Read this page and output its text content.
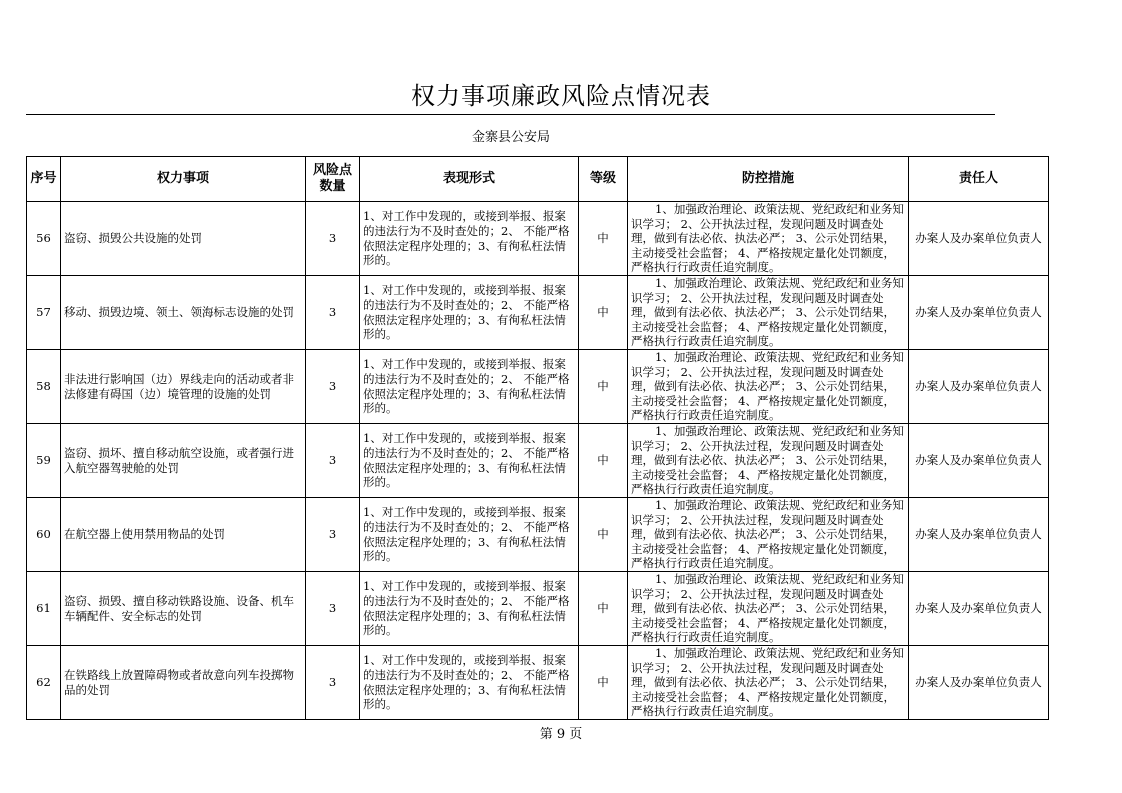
权力事项廉政风险点情况表
金寨县公安局
序号	权力事项	风险点数量	表现形式	等级	防控措施	责任人
56	盗窃、损毁公共设施的处罚	3	1、对工作中发现的，或接到举报、报案的违法行为不及时查处的；2、 不能严格依照法定程序处理的；3、有徇私枉法情形的。	中	1、加强政治理论、政策法规、党纪政纪和业务知识学习； 2、公开执法过程，发现问题及时调查处理，做到有法必依、执法必严； 3、公示处罚结果，主动接受社会监督； 4、严格按规定量化处罚额度，严格执行行政责任追究制度。	办案人及办案单位负责人
57	移动、损毁边境、领土、领海标志设施的处罚	3	1、对工作中发现的，或接到举报、报案的违法行为不及时查处的；2、 不能严格依照法定程序处理的；3、有徇私枉法情形的。	中	1、加强政治理论、政策法规、党纪政纪和业务知识学习； 2、公开执法过程，发现问题及时调查处理，做到有法必依、执法必严； 3、公示处罚结果，主动接受社会监督； 4、严格按规定量化处罚额度，严格执行行政责任追究制度。	办案人及办案单位负责人
58	非法进行影响国（边）界线走向的活动或者非法修建有碍国（边）境管理的设施的处罚	3	1、对工作中发现的，或接到举报、报案的违法行为不及时查处的；2、 不能严格依照法定程序处理的；3、有徇私枉法情形的。	中	1、加强政治理论、政策法规、党纪政纪和业务知识学习； 2、公开执法过程，发现问题及时调查处理，做到有法必依、执法必严； 3、公示处罚结果，主动接受社会监督； 4、严格按规定量化处罚额度，严格执行行政责任追究制度。	办案人及办案单位负责人
59	盗窃、损坏、擅自移动航空设施，或者强行进入航空器驾驶舱的处罚	3	1、对工作中发现的，或接到举报、报案的违法行为不及时查处的；2、 不能严格依照法定程序处理的；3、有徇私枉法情形的。	中	1、加强政治理论、政策法规、党纪政纪和业务知识学习； 2、公开执法过程，发现问题及时调查处理，做到有法必依、执法必严； 3、公示处罚结果，主动接受社会监督； 4、严格按规定量化处罚额度，严格执行行政责任追究制度。	办案人及办案单位负责人
60	在航空器上使用禁用物品的处罚	3	1、对工作中发现的，或接到举报、报案的违法行为不及时查处的；2、 不能严格依照法定程序处理的；3、有徇私枉法情形的。	中	1、加强政治理论、政策法规、党纪政纪和业务知识学习； 2、公开执法过程，发现问题及时调查处理，做到有法必依、执法必严； 3、公示处罚结果，主动接受社会监督； 4、严格按规定量化处罚额度，严格执行行政责任追究制度。	办案人及办案单位负责人
61	盗窃、损毁、擅自移动铁路设施、设备、机车车辆配件、安全标志的处罚	3	1、对工作中发现的，或接到举报、报案的违法行为不及时查处的；2、 不能严格依照法定程序处理的；3、有徇私枉法情形的。	中	1、加强政治理论、政策法规、党纪政纪和业务知识学习； 2、公开执法过程，发现问题及时调查处理，做到有法必依、执法必严； 3、公示处罚结果，主动接受社会监督； 4、严格按规定量化处罚额度，严格执行行政责任追究制度。	办案人及办案单位负责人
62	在铁路线上放置障碍物或者故意向列车投掷物品的处罚	3	1、对工作中发现的，或接到举报、报案的违法行为不及时查处的；2、 不能严格依照法定程序处理的；3、有徇私枉法情形的。	中	1、加强政治理论、政策法规、党纪政纪和业务知识学习； 2、公开执法过程，发现问题及时调查处理，做到有法必依、执法必严； 3、公示处罚结果，主动接受社会监督； 4、严格按规定量化处罚额度，严格执行行政责任追究制度。	办案人及办案单位负责人
第 9 页
